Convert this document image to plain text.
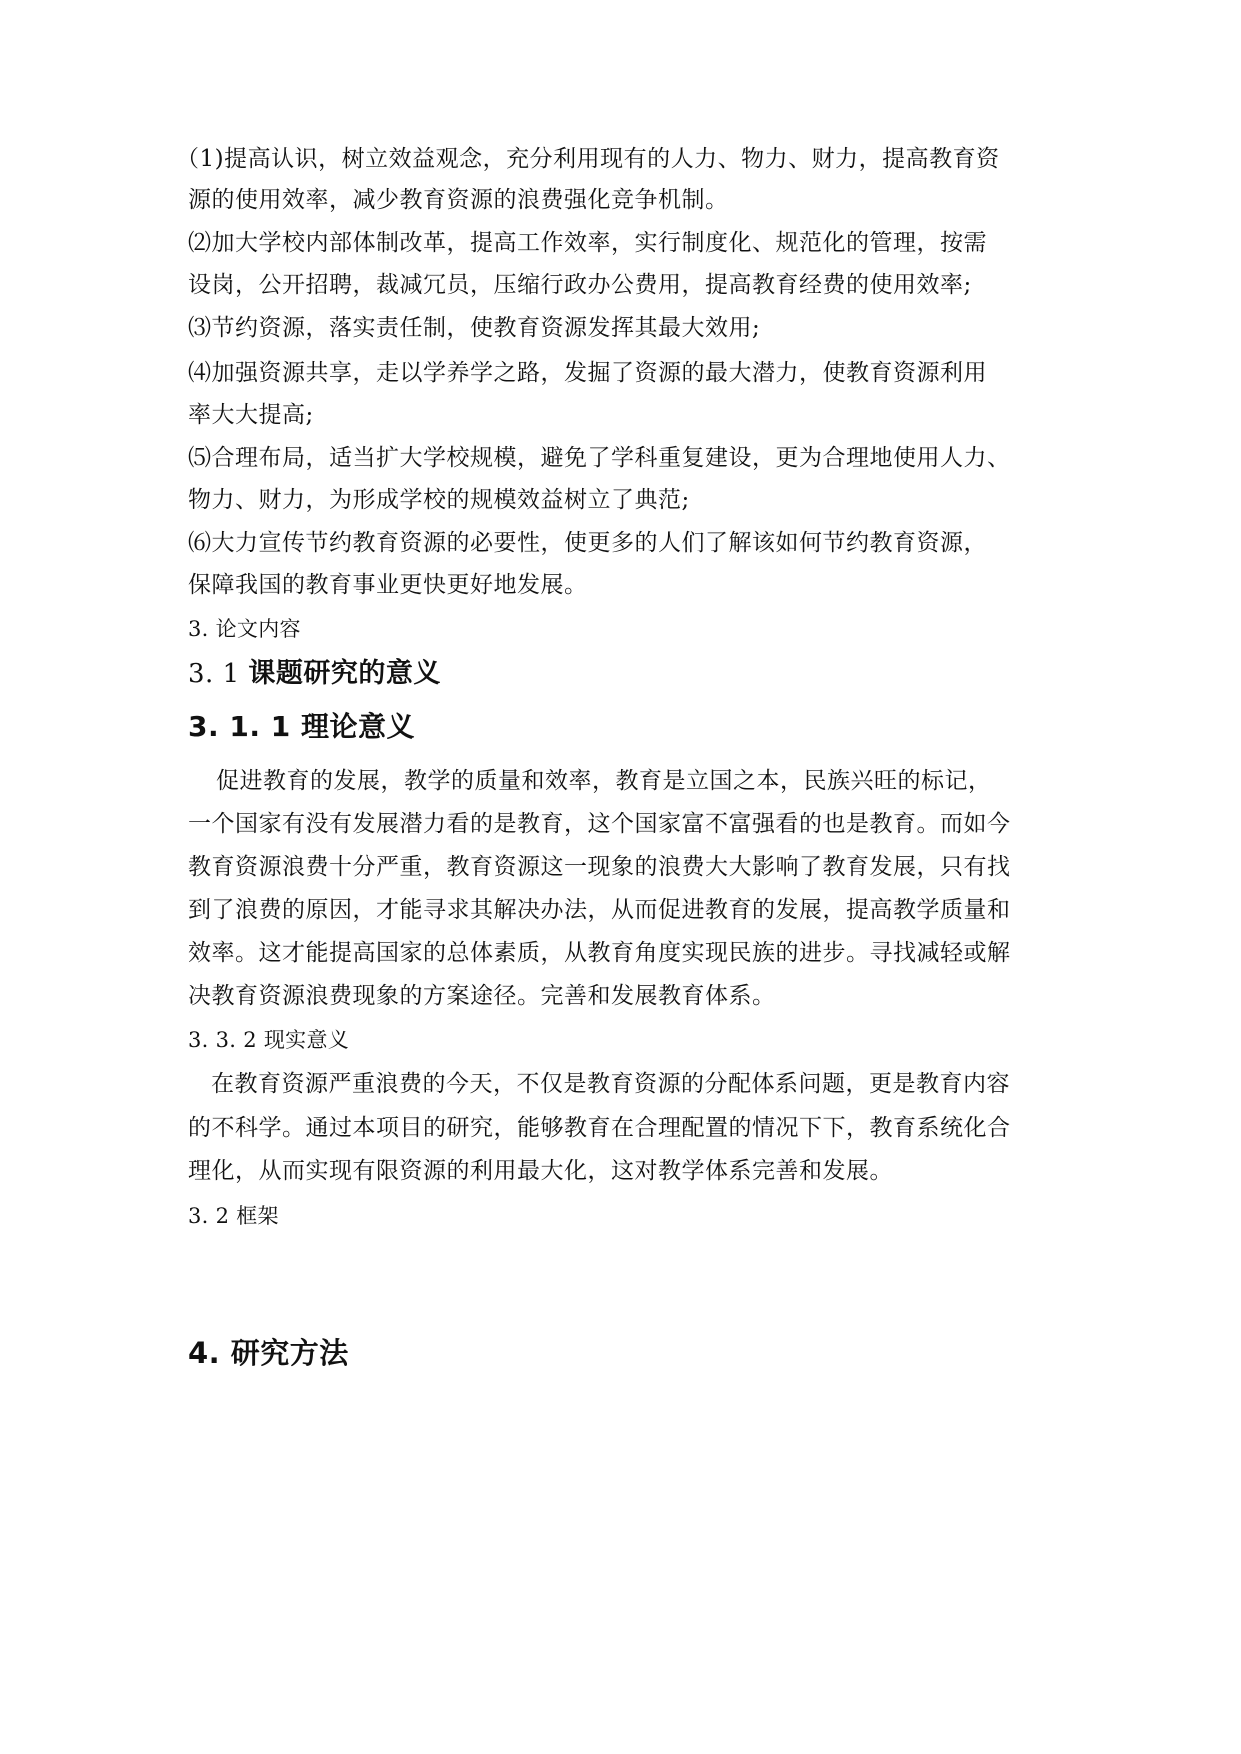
（1)提高认识，树立效益观念，充分利用现有的人力、物力、财力，提高教育资
源的使用效率，减少教育资源的浪费强化竞争机制。
⑵加大学校内部体制改革，提高工作效率，实行制度化、规范化的管理，按需
设岗，公开招聘，裁减冗员，压缩行政办公费用，提高教育经费的使用效率;
⑶节约资源，落实责任制，使教育资源发挥其最大效用;
⑷加强资源共享，走以学养学之路，发掘了资源的最大潜力，使教育资源利用
率大大提高;
⑸合理布局，适当扩大学校规模，避免了学科重复建设，更为合理地使用人力、
物力、财力，为形成学校的规模效益树立了典范;
⑹大力宣传节约教育资源的必要性，使更多的人们了解该如何节约教育资源，
保障我国的教育事业更快更好地发展。
3. 论文内容
3. 1 课题研究的意义
3. 1. 1 理论意义
促进教育的发展，教学的质量和效率，教育是立国之本，民族兴旺的标记，
一个国家有没有发展潜力看的是教育，这个国家富不富强看的也是教育。而如今
教育资源浪费十分严重，教育资源这一现象的浪费大大影响了教育发展，只有找
到了浪费的原因，才能寻求其解决办法，从而促进教育的发展，提高教学质量和
效率。这才能提高国家的总体素质，从教育角度实现民族的进步。寻找减轻或解
决教育资源浪费现象的方案途径。完善和发展教育体系。
3. 3. 2 现实意义
在教育资源严重浪费的今天，不仅是教育资源的分配体系问题，更是教育内容
的不科学。通过本项目的研究，能够教育在合理配置的情况下下，教育系统化合
理化，从而实现有限资源的利用最大化，这对教学体系完善和发展。
3. 2 框架
4. 研究方法
